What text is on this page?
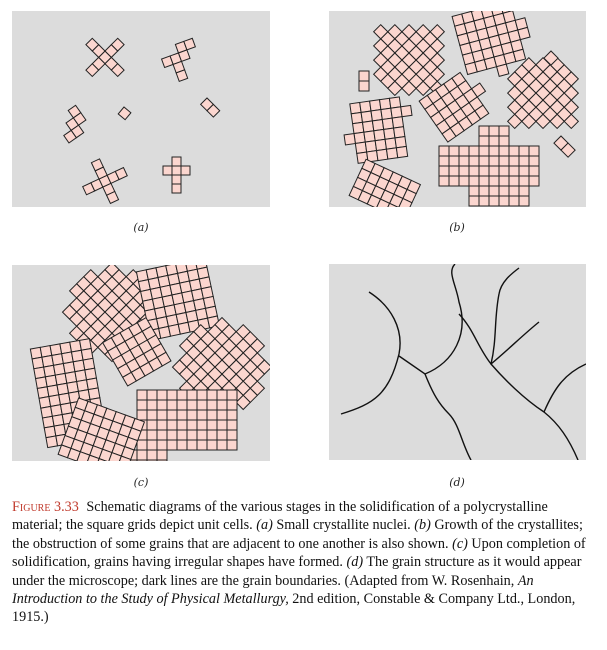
(a)	(b)
(c)	(d)
Figure 3.33 Schematic diagrams of the various stages in the solidification of a polycrystalline material; the square grids depict unit cells. (a) Small crystallite nuclei. (b) Growth of the crystallites; the obstruction of some grains that are adjacent to one another is also shown. (c) Upon completion of solidification, grains having irregular shapes have formed. (d) The grain structure as it would appear under the microscope; dark lines are the grain boundaries. (Adapted from W. Rosenhain, An Introduction to the Study of Physical Metallurgy, 2nd edition, Constable & Company Ltd., London, 1915.)
